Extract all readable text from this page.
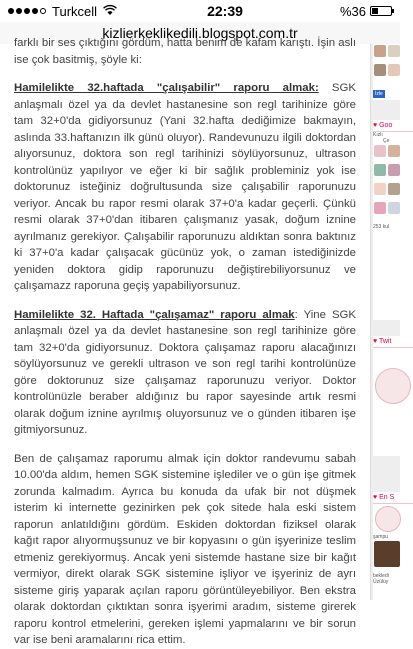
Turkcell	22:39	%36
kizlierkeklikedili.blogspot.com.tr

farklı bir ses çıktığını gördüm, hatta benim de kafam karıştı. İşin aslı ise çok basitmiş, şöyle ki:

Hamilelikte 32.haftada "çalışabilir" raporu almak: SGK anlaşmalı özel ya da devlet hastanesine son regl tarihinize göre tam 32+0'da gidiyorsunuz (Yani 32.hafta dediğimize bakmayın, aslında 33.haftanızın ilk günü oluyor). Randevunuzu ilgili doktordan alıyorsunuz, doktora son regl tarihinizi söylüyorsunuz, ultrason kontrolünüz yapılıyor ve eğer ki bir sağlık probleminiz yok ise doktorunuz isteğiniz doğrultusunda size çalışabilir raporunuzu veriyor. Ancak bu rapor resmi olarak 37+0'a kadar geçerli. Çünkü resmi olarak 37+0'dan itibaren çalışmanız yasak, doğum iznine ayrılmanız gerekiyor. Çalışabilir raporunuzu aldıktan sonra baktınız ki 37+0'a kadar çalışacak gücünüz yok, o zaman istediğinizde yeniden doktora gidip raporunuzu değiştirebiliyorsunuz ve çalışamazz raporuna geçiş yapabiliyorsunuz.

Hamilelikte 32. Haftada "çalışamaz" raporu almak: Yine SGK anlaşmalı özel ya da devlet hastanesine son regl tarihinize göre tam 32+0'da gidiyorsunuz. Doktora çalışamaz raporu alacağınızı söylüyorsunuz ve gerekli ultrason ve son regl tarihi kontrolünüze göre doktorunuz size çalışamaz raporunuzu veriyor. Doktor kontrolünüzle beraber aldığınız bu rapor sayesinde artık resmi olarak doğum iznine ayrılmış oluyorsunuz ve o günden itibaren işe gitmiyorsunuz.

Ben de çalışamaz raporumu almak için doktor randevumu sabah 10.00'da aldım, hemen SGK sistemine işlediler ve o gün işe gitmek zorunda kalmadım. Ayrıca bu konuda da ufak bir not düşmek isterim ki internette gezinirken pek çok sitede hala eski sistem raporun anlatıldığını gördüm. Eskiden doktordan fiziksel olarak kağıt rapor alıyormuşsunuz ve bir kopyasını o gün işyerinize teslim etmeniz gerekiyormuş. Ancak yeni sistemde hastane size bir kağıt vermiyor, direkt olarak SGK sistemine işliyor ve işyeriniz de ayrı sisteme giriş yaparak açılan raporu görüntüleyebiliyor. Ben ekstra olarak doktordan çıktıktan sonra işyerimi aradım, sisteme girerek raporu kontrol etmelerini, gereken işlemi yapmalarını ve bir sorun var ise beni aramalarını rica ettim.

İzle
♥ Goo
Kızlı
Çe

253 kul
♥ Twit
♥ En S
şampu
bekledi
Üzülüy
